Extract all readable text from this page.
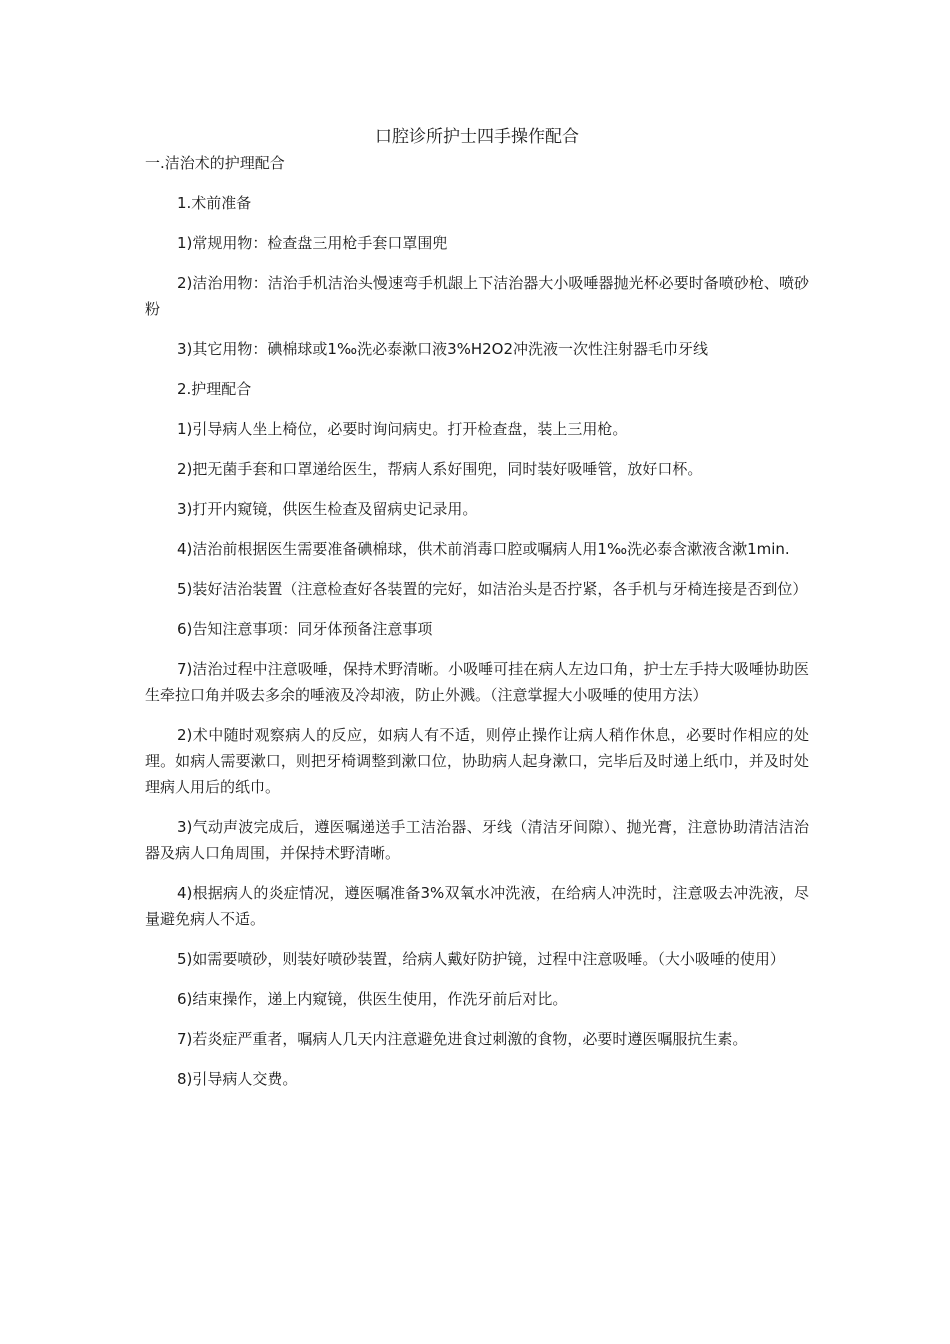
口腔诊所护士四手操作配合

一.洁治术的护理配合

1.术前准备

1)常规用物：检查盘三用枪手套口罩围兜

2)洁治用物：洁治手机洁治头慢速弯手机龈上下洁治器大小吸唾器抛光杯必要时备喷砂枪、喷砂粉

3)其它用物：碘棉球或1‰洗必泰漱口液3%H2O2冲洗液一次性注射器毛巾牙线

2.护理配合

1)引导病人坐上椅位，必要时询问病史。打开检查盘，装上三用枪。

2)把无菌手套和口罩递给医生，帮病人系好围兜，同时装好吸唾管，放好口杯。

3)打开内窥镜，供医生检查及留病史记录用。

4)洁治前根据医生需要准备碘棉球，供术前消毒口腔或嘱病人用1‰洗必泰含漱液含漱1min.

5)装好洁治装置（注意检查好各装置的完好，如洁治头是否拧紧，各手机与牙椅连接是否到位）

6)告知注意事项：同牙体预备注意事项

7)洁治过程中注意吸唾，保持术野清晰。小吸唾可挂在病人左边口角，护士左手持大吸唾协助医生牵拉口角并吸去多余的唾液及冷却液，防止外溅。（注意掌握大小吸唾的使用方法）

2)术中随时观察病人的反应，如病人有不适，则停止操作让病人稍作休息，必要时作相应的处理。如病人需要漱口，则把牙椅调整到漱口位，协助病人起身漱口，完毕后及时递上纸巾，并及时处理病人用后的纸巾。

3)气动声波完成后，遵医嘱递送手工洁治器、牙线（清洁牙间隙）、抛光膏，注意协助清洁洁治器及病人口角周围，并保持术野清晰。

4)根据病人的炎症情况，遵医嘱准备3%双氧水冲洗液，在给病人冲洗时，注意吸去冲洗液，尽量避免病人不适。

5)如需要喷砂，则装好喷砂装置，给病人戴好防护镜，过程中注意吸唾。（大小吸唾的使用）

6)结束操作，递上内窥镜，供医生使用，作洗牙前后对比。

7)若炎症严重者，嘱病人几天内注意避免进食过刺激的食物，必要时遵医嘱服抗生素。

8)引导病人交费。
